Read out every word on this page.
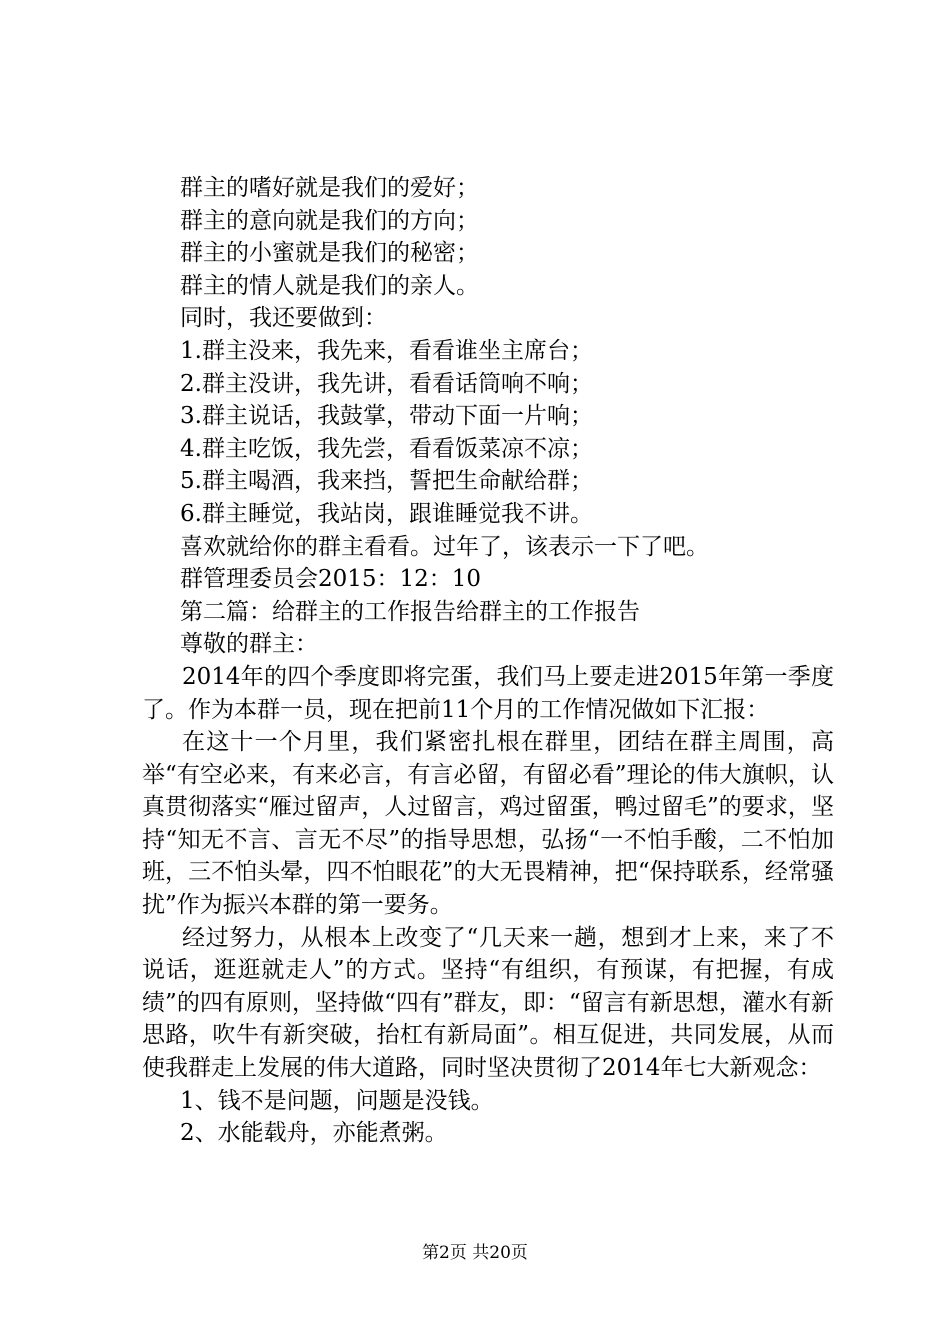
群主的嗜好就是我们的爱好；

群主的意向就是我们的方向；

群主的小蜜就是我们的秘密；

群主的情人就是我们的亲人。

同时，我还要做到：

1.群主没来，我先来，看看谁坐主席台；

2.群主没讲，我先讲，看看话筒响不响；

3.群主说话，我鼓掌，带动下面一片响；

4.群主吃饭，我先尝，看看饭菜凉不凉；

5.群主喝酒，我来挡，誓把生命献给群；

6.群主睡觉，我站岗，跟谁睡觉我不讲。

喜欢就给你的群主看看。过年了，该表示一下了吧。

群管理委员会2015：12：10

第二篇：给群主的工作报告给群主的工作报告

尊敬的群主：

2014年的四个季度即将完蛋，我们马上要走进2015年第一季度了。作为本群一员，现在把前11个月的工作情况做如下汇报：

在这十一个月里，我们紧密扎根在群里，团结在群主周围，高举“有空必来，有来必言，有言必留，有留必看”理论的伟大旗帜，认真贯彻落实“雁过留声，人过留言，鸡过留蛋，鸭过留毛”的要求，坚持“知无不言、言无不尽”的指导思想，弘扬“一不怕手酸，二不怕加班，三不怕头晕，四不怕眼花”的大无畏精神，把“保持联系，经常骚扰”作为振兴本群的第一要务。

经过努力，从根本上改变了“几天来一趟，想到才上来，来了不说话，逛逛就走人”的方式。坚持“有组织，有预谋，有把握，有成绩”的四有原则，坚持做“四有”群友，即：“留言有新思想，灌水有新思路，吹牛有新突破，抬杠有新局面”。相互促进，共同发展，从而使我群走上发展的伟大道路，同时坚决贯彻了2014年七大新观念：

1、钱不是问题，问题是没钱。

2、水能载舟，亦能煮粥。

第2页 共20页
